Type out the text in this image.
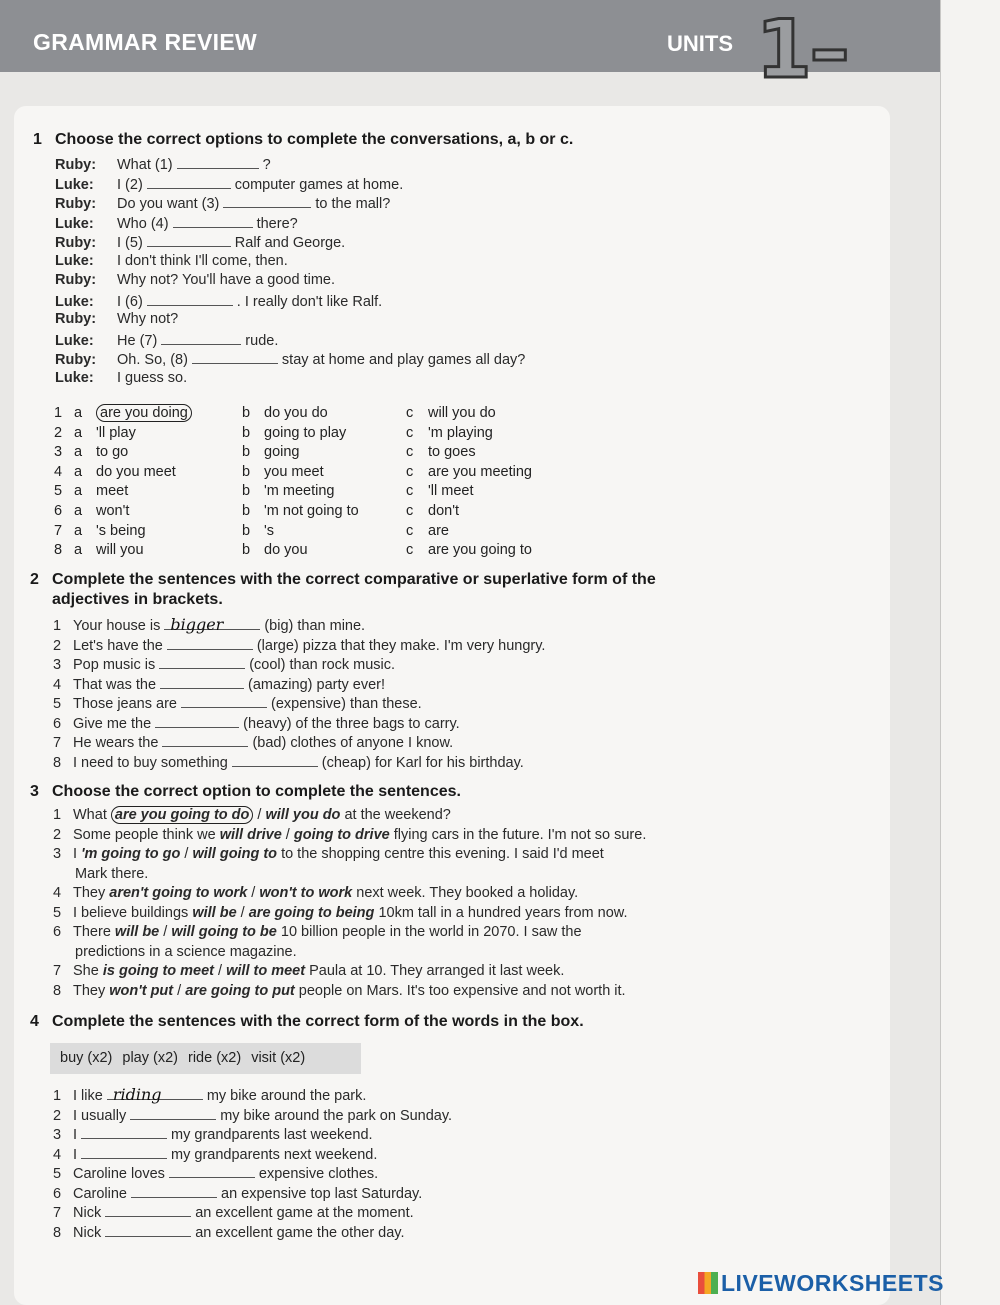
GRAMMAR REVIEW	UNITS 1–
1 Choose the correct options to complete the conversations, a, b or c.
Ruby: What (1)	?
Luke: I (2)	computer games at home.
Ruby: Do you want (3)	to the mall?
Luke: Who (4)	there?
Ruby: I (5)	Ralf and George.
Luke: I don't think I'll come, then.
Ruby: Why not? You'll have a good time.
Luke: I (6)	. I really don't like Ralf.
Ruby: Why not?
Luke: He (7)	rude.
Ruby: Oh. So, (8)	stay at home and play games all day?
Luke: I guess so.
1 a are you doing	b do you do	c will you do
2 a 'll play	b going to play	c 'm playing
3 a to go	b going	c to goes
4 a do you meet	b you meet	c are you meeting
5 a meet	b 'm meeting	c 'll meet
6 a won't	b 'm not going to	c don't
7 a 's being	b 's	c are
8 a will you	b do you	c are you going to
2 Complete the sentences with the correct comparative or superlative form of the
adjectives in brackets.
1 Your house is bigger	(big) than mine.
2 Let's have the	(large) pizza that they make. I'm very hungry.
3 Pop music is	(cool) than rock music.
4 That was the	(amazing) party ever!
5 Those jeans are	(expensive) than these.
6 Give me the	(heavy) of the three bags to carry.
7 He wears the	(bad) clothes of anyone I know.
8 I need to buy something	(cheap) for Karl for his birthday.
3 Choose the correct option to complete the sentences.
1 What are you going to do / will you do at the weekend?
2 Some people think we will drive / going to drive flying cars in the future. I'm not so sure.
3 I 'm going to go / will going to to the shopping centre this evening. I said I'd meet
Mark there.
4 They aren't going to work / won't to work next week. They booked a holiday.
5 I believe buildings will be / are going to being 10km tall in a hundred years from now.
6 There will be / will going to be 10 billion people in the world in 2070. I saw the
predictions in a science magazine.
7 She is going to meet / will to meet Paula at 10. They arranged it last week.
8 They won't put / are going to put people on Mars. It's too expensive and not worth it.
4 Complete the sentences with the correct form of the words in the box.
buy (x2) play (x2) ride (x2) visit (x2)
1 I like riding	my bike around the park.
2 I usually	my bike around the park on Sunday.
3 I	my grandparents last weekend.
4 I	my grandparents next weekend.
5 Caroline loves	expensive clothes.
6 Caroline	an expensive top last Saturday.
7 Nick	an excellent game at the moment.
8 Nick	an excellent game the other day.
LIVEWORKSHEETS
